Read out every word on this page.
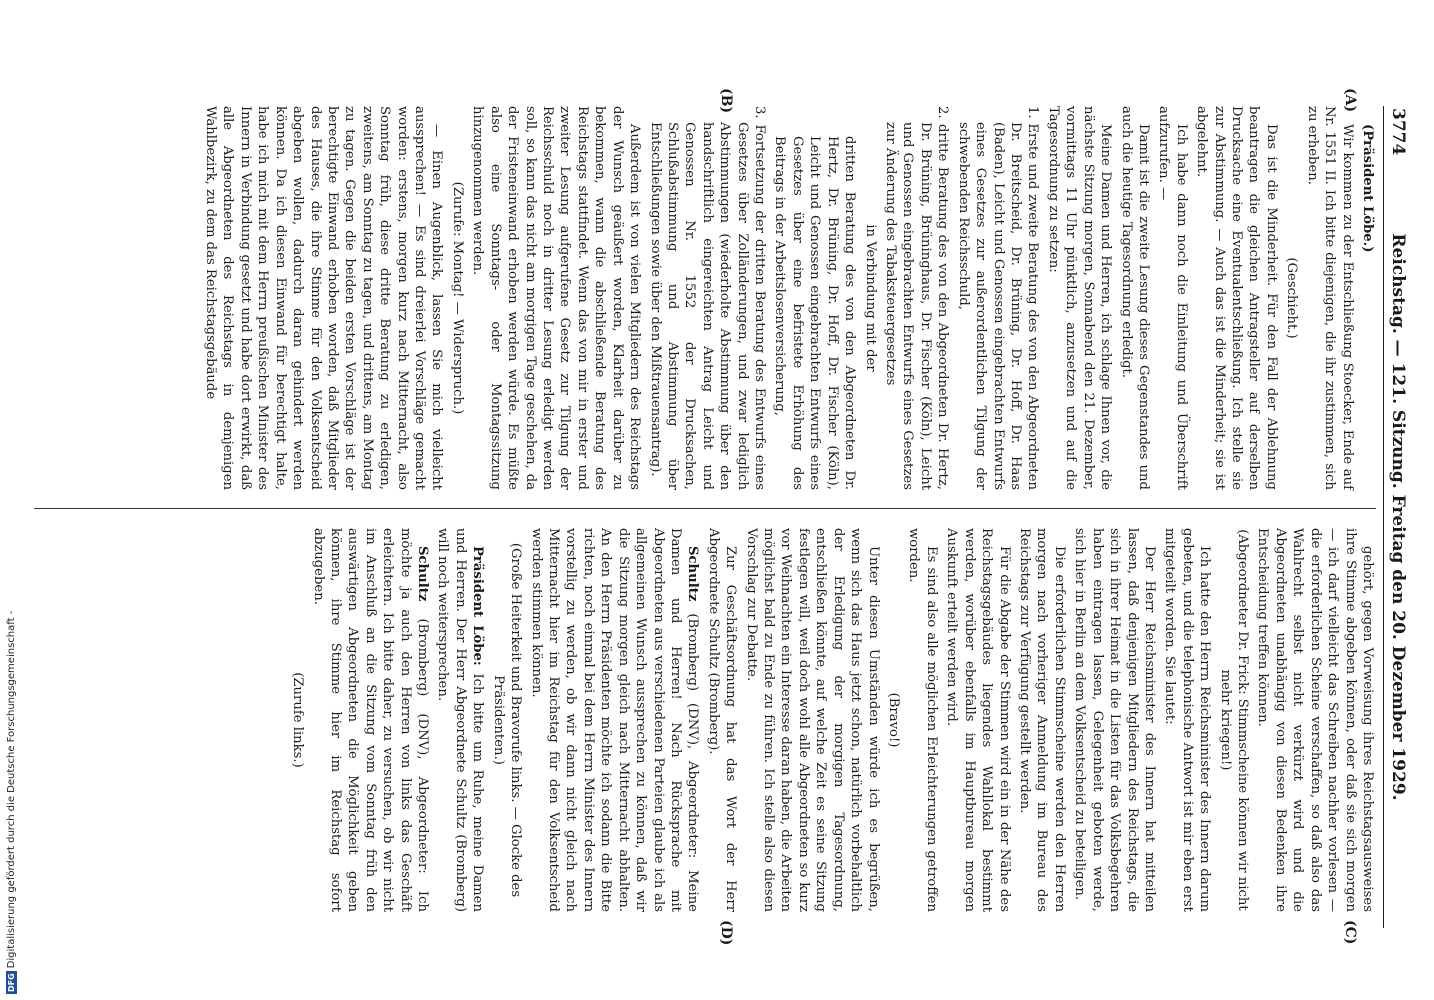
3774
Reichstag. — 121. Sitzung. Freitag den 20. Dezember 1929.
(A)
(B)
(C)
(D)

(Präsident Löbe.)

Wir kommen zu der Entschließung Stoecker, Ende auf Nr. 1551 II. Ich bitte diejenigen, die ihr zustimmen, sich zu erheben.

(Geschieht.)

Das ist die Minderheit. Für den Fall der Ablehnung beantragen die gleichen Antragsteller auf derselben Drucksache eine Eventualentschließung. Ich stelle sie zur Abstimmung. — Auch das ist die Minderheit; sie ist abgelehnt.

Ich habe dann noch die Einleitung und Überschrift aufzurufen. —

Damit ist die zweite Lesung dieses Gegenstandes und auch die heutige Tagesordnung erledigt.

Meine Damen und Herren, ich schlage Ihnen vor, die nächste Sitzung morgen, Sonnabend den 21. Dezember, vormittags 11 Uhr pünktlich, anzusetzen und auf die Tagesordnung zu setzen:

1. Erste und zweite Beratung des von den Abgeordneten Dr. Breitscheid, Dr. Brüning, Dr. Hoff, Dr. Haas (Baden), Leicht und Genossen eingebrachten Entwurfs eines Gesetzes zur außerordentlichen Tilgung der schwebenden Reichsschuld,

2. dritte Beratung des von den Abgeordneten Dr. Hertz, Dr. Brüning, Brüninghaus, Dr. Fischer (Köln), Leicht und Genossen eingebrachten Entwurfs eines Gesetzes zur Änderung des Tabaksteuergesetzes

in Verbindung mit der

dritten Beratung des von den Abgeordneten Dr. Hertz, Dr. Brüning, Dr. Hoff, Dr. Fischer (Köln), Leicht und Genossen eingebrachten Entwurfs eines Gesetzes über eine befristete Erhöhung des Beitrags in der Arbeitslosenversicherung,

3. Fortsetzung der dritten Beratung des Entwurfs eines Gesetzes über Zolländerungen, und zwar lediglich Abstimmungen (wiederholte Abstimmung über den handschriftlich eingereichten Antrag Leicht und Genossen Nr. 1552 der Drucksachen, Schlußabstimmung und Abstimmung über Entschließungen sowie über den Mißtrauensantrag).

Außerdem ist von vielen Mitgliedern des Reichstags der Wunsch geäußert worden, Klarheit darüber zu bekommen, wann die abschließende Beratung des Reichstags stattfindet. Wenn das von mir in erster und zweiter Lesung aufgerufene Gesetz zur Tilgung der Reichsschuld noch in dritter Lesung erledigt werden soll, so kann das nicht am morgigen Tage geschehen, da der Fristeneinwand erhoben werden würde. Es müßte also eine Sonntags- oder Montagssitzung hinzugenommen werden.

(Zurufe: Montag! — Widerspruch.)

— Einen Augenblick, lassen Sie mich vielleicht aussprechen! — Es sind dreierlei Vorschläge gemacht worden: erstens, morgen kurz nach Mitternacht, also Sonntag früh, diese dritte Beratung zu erledigen, zweitens, am Sonntag zu tagen, und drittens, am Montag zu tagen. Gegen die beiden ersten Vorschläge ist der berechtigte Einwand erhoben worden, daß Mitglieder des Hauses, die ihre Stimme für den Volksentscheid abgeben wollen, dadurch daran gehindert werden können. Da ich diesen Einwand für berechtigt halte, habe ich mich mit dem Herrn preußischen Minister des Innern in Verbindung gesetzt und habe dort erwirkt, daß alle Abgeordneten des Reichstags in demjenigen Wahlbezirk, zu dem das Reichstagsgebäude

gehört, gegen Vorweisung ihres Reichstagsausweises ihre Stimme abgeben können, oder daß sie sich morgen — ich darf vielleicht das Schreiben nachher vorlesen — die erforderlichen Scheine verschaffen, so daß also das Wahlrecht selbst nicht verkürzt wird und die Abgeordneten unabhängig von diesen Bedenken ihre Entscheidung treffen können.

(Abgeordneter Dr. Frick: Stimmscheine können wir nicht mehr kriegen!)

Ich hatte den Herrn Reichsminister des Innern darum gebeten, und die telephonische Antwort ist mir eben erst mitgeteilt worden. Sie lautet:

Der Herr Reichsminister des Innern hat mitteilen lassen, daß denjenigen Mitgliedern des Reichstags, die sich in ihrer Heimat in die Listen für das Volksbegehren haben eintragen lassen, Gelegenheit geboten werde, sich hier in Berlin an dem Volksentscheid zu beteiligen.

Die erforderlichen Stimmscheine werden den Herren morgen nach vorheriger Anmeldung im Bureau des Reichstags zur Verfügung gestellt werden.

Für die Abgabe der Stimmen wird ein in der Nähe des Reichstagsgebäudes liegendes Wahllokal bestimmt werden, worüber ebenfalls im Hauptbureau morgen Auskunft erteilt werden wird.

Es sind also alle möglichen Erleichterungen getroffen worden.

(Bravo!)

Unter diesen Umständen würde ich es begrüßen, wenn sich das Haus jetzt schon, natürlich vorbehaltlich der Erledigung der morgigen Tagesordnung, entschließen könnte, auf welche Zeit es seine Sitzung festlegen will, weil doch wohl alle Abgeordneten so kurz vor Weihnachten ein Interesse daran haben, die Arbeiten möglichst bald zu Ende zu führen. Ich stelle also diesen Vorschlag zur Debatte.

Zur Geschäftsordnung hat das Wort der Herr Abgeordnete Schultz (Bromberg).

Schultz (Bromberg) (DNV), Abgeordneter: Meine Damen und Herren! Nach Rücksprache mit Abgeordneten aus verschiedenen Parteien glaube ich als allgemeinen Wunsch aussprechen zu können, daß wir die Sitzung morgen gleich nach Mitternacht abhalten. An den Herrn Präsidenten möchte ich sodann die Bitte richten, noch einmal bei dem Herrn Minister des Innern vorstellig zu werden, ob wir dann nicht gleich nach Mitternacht hier im Reichstag für den Volksentscheid werden stimmen können.

(Große Heiterkeit und Bravorufe links. — Glocke des Präsidenten.)

Präsident Löbe: Ich bitte um Ruhe, meine Damen und Herren. Der Herr Abgeordnete Schultz (Bromberg) will noch weitersprechen.

Schultz (Bromberg) (DNV), Abgeordneter: Ich möchte ja auch den Herren von links das Geschäft erleichtern. Ich bitte daher, zu versuchen, ob wir nicht im Anschluß an die Sitzung vom Sonntag früh den auswärtigen Abgeordneten die Möglichkeit geben können, ihre Stimme hier im Reichstag sofort abzugeben.

(Zurufe links.)

DFGDigitalisierung gefördert durch die Deutsche Forschungsgemeinschaft -
